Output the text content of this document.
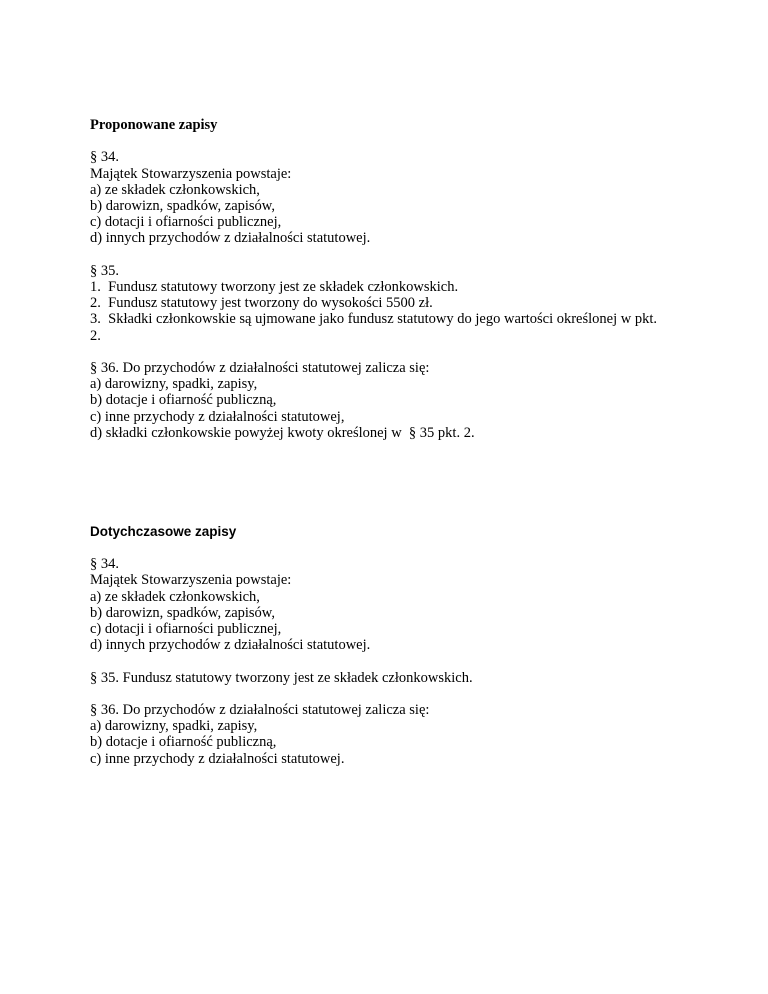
Proponowane zapisy

§ 34.

Majątek Stowarzyszenia powstaje:

a) ze składek członkowskich,

b) darowizn, spadków, zapisów,

c) dotacji i ofiarności publicznej,

d) innych przychodów z działalności statutowej.

§ 35.

1.  Fundusz statutowy tworzony jest ze składek członkowskich.

2.  Fundusz statutowy jest tworzony do wysokości 5500 zł.

3.  Składki członkowskie są ujmowane jako fundusz statutowy do jego wartości określonej w pkt.

2.

§ 36. Do przychodów z działalności statutowej zalicza się:

a) darowizny, spadki, zapisy,

b) dotacje i ofiarność publiczną,

c) inne przychody z działalności statutowej,

d) składki członkowskie powyżej kwoty określonej w  § 35 pkt. 2.

Dotychczasowe zapisy

§ 34.

Majątek Stowarzyszenia powstaje:

a) ze składek członkowskich,

b) darowizn, spadków, zapisów,

c) dotacji i ofiarności publicznej,

d) innych przychodów z działalności statutowej.

§ 35. Fundusz statutowy tworzony jest ze składek członkowskich.

§ 36. Do przychodów z działalności statutowej zalicza się:

a) darowizny, spadki, zapisy,

b) dotacje i ofiarność publiczną,

c) inne przychody z działalności statutowej.
